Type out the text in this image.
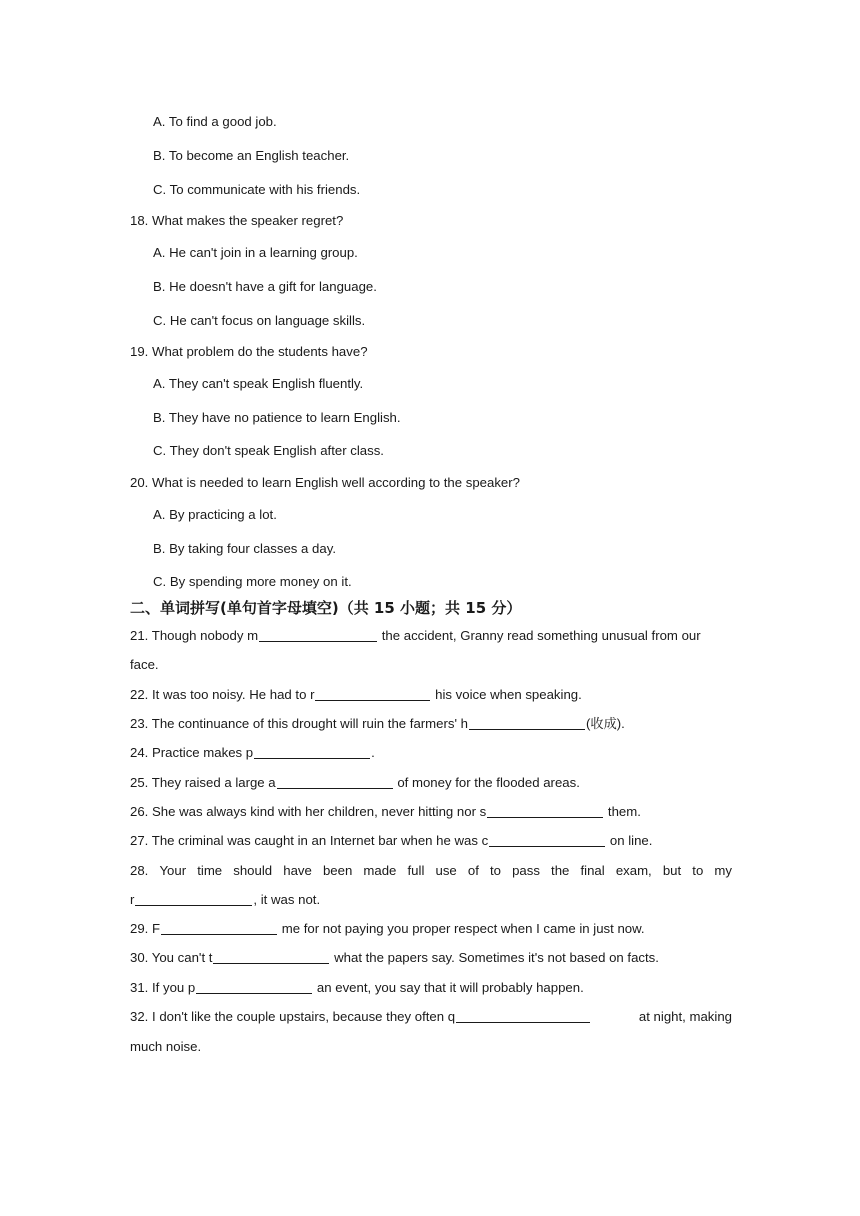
A. To find a good job.
B. To become an English teacher.
C. To communicate with his friends.
18. What makes the speaker regret?
A. He can't join in a learning group.
B. He doesn't have a gift for language.
C. He can't focus on language skills.
19. What problem do the students have?
A. They can't speak English fluently.
B. They have no patience to learn English.
C. They don't speak English after class.
20. What is needed to learn English well according to the speaker?
A. By practicing a lot.
B. By taking four classes a day.
C. By spending more money on it.
二、单词拼写(单句首字母填空)（共 15 小题；共 15 分）
21. Though nobody m	the accident, Granny read something unusual from our
face.
22. It was too noisy. He had to r	his voice when speaking.
23. The continuance of this drought will ruin the farmers' h	(收成).
24. Practice makes p	.
25. They raised a large a	of money for the flooded areas.
26. She was always kind with her children, never hitting nor s	them.
27. The criminal was caught in an Internet bar when he was c	on line.
28. Your time should have been made full use of to pass the final exam, but to my
r	, it was not.
29. F	me for not paying you proper respect when I came in just now.
30. You can't t	what the papers say. Sometimes it's not based on facts.
31. If you p	an event, you say that it will probably happen.
32. I don't like the couple upstairs, because they often q	at night, making
much noise.
